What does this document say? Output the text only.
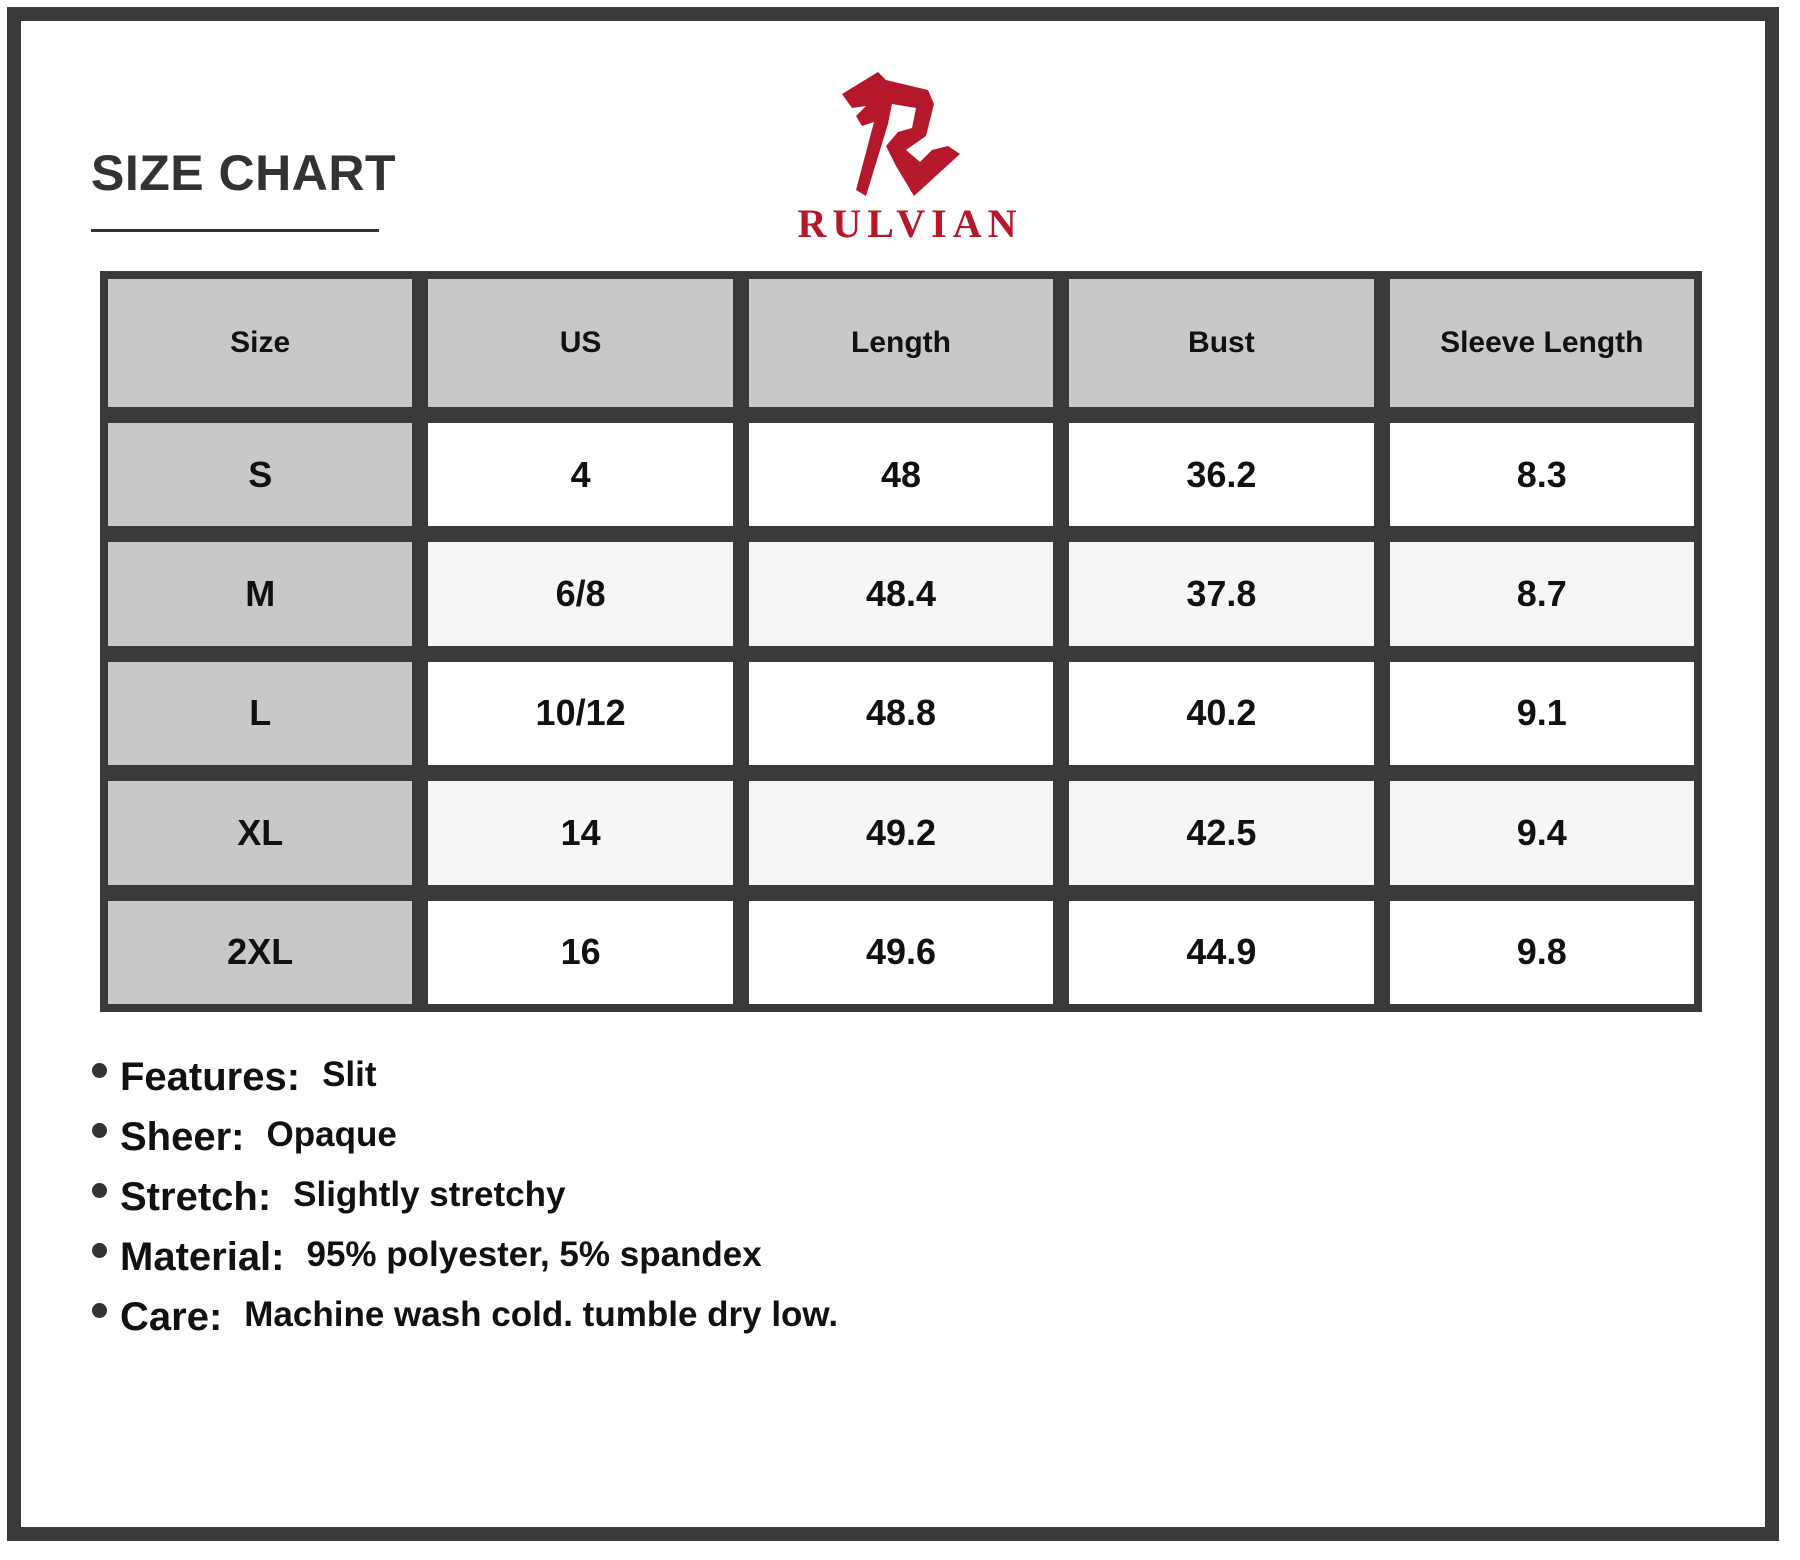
SIZE CHART
RULVIAN
Size	US	Length	Bust	Sleeve Length
S	4	48	36.2	8.3
M	6/8	48.4	37.8	8.7
L	10/12	48.8	40.2	9.1
XL	14	49.2	42.5	9.4
2XL	16	49.6	44.9	9.8
Features: Slit
Sheer: Opaque
Stretch: Slightly stretchy
Material: 95% polyester, 5% spandex
Care: Machine wash cold. tumble dry low.
